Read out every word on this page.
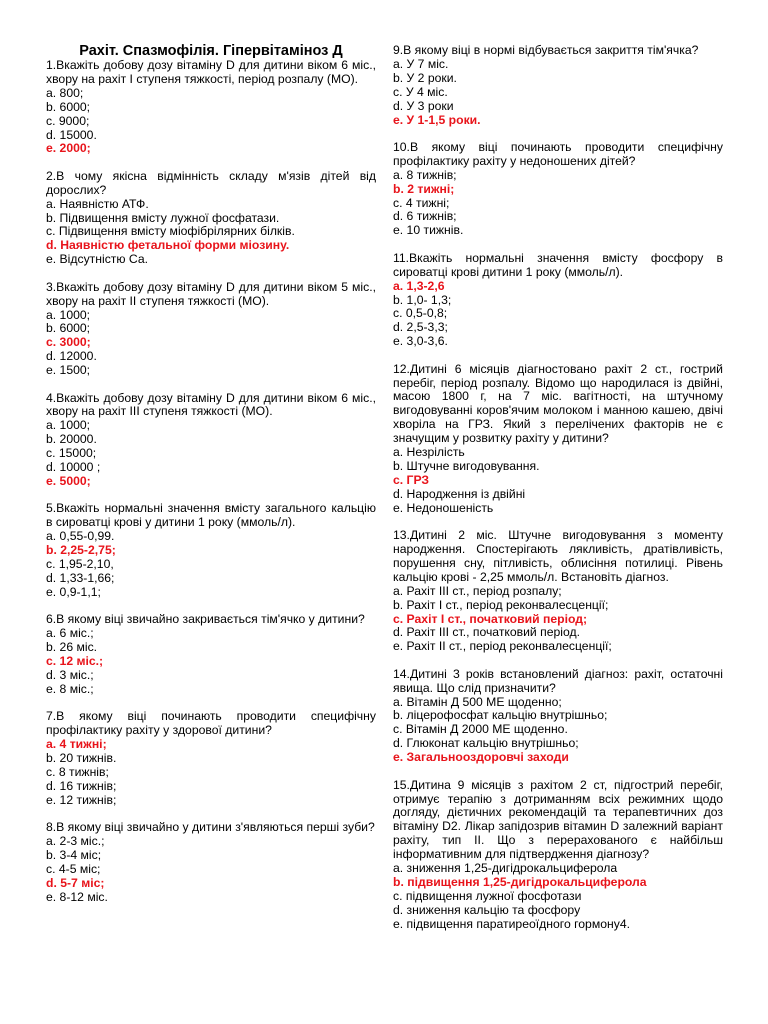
Рахіт. Спазмофілія. Гіпервітаміноз Д
1.Вкажіть добову дозу вітаміну D для дитини віком 6 міс., хвору на рахіт I ступеня тяжкості, період розпалу (МО).
a. 800;
b. 6000;
c. 9000;
d. 15000.
e. 2000;
2.В чому якісна відмінність складу м'язів дітей від дорослих?
a. Наявністю АТФ.
b. Підвищення вмісту лужної фосфатази.
c. Підвищення вмісту міофібрілярних білків.
d. Наявністю фетальної форми міозину.
e. Відсутністю Са.
3.Вкажіть добову дозу вітаміну D для дитини віком 5 міс., хвору на рахіт II ступеня тяжкості (МО).
a. 1000;
b. 6000;
c. 3000;
d. 12000.
e. 1500;
4.Вкажіть добову дозу вітаміну D для дитини віком 6 міс., хвору на рахіт III ступеня тяжкості (МО).
a. 1000;
b. 20000.
c. 15000;
d. 10000 ;
e. 5000;
5.Вкажіть нормальні значення вмісту загального кальцію в сироватці крові у дитини 1 року (ммоль/л).
a. 0,55-0,99.
b. 2,25-2,75;
c. 1,95-2,10,
d. 1,33-1,66;
e. 0,9-1,1;
6.В якому віці звичайно закривається тім'ячко у дитини?
a. 6 міс.;
b. 26 міс.
c. 12 міс.;
d. 3 міс.;
e. 8 міс.;
7.В якому віці починають проводити специфічну профілактику рахіту у здорової дитини?
a. 4 тижні;
b. 20 тижнів.
c. 8 тижнів;
d. 16 тижнів;
e. 12 тижнів;
8.В якому віці звичайно у дитини з'являються перші зуби?
a. 2-3 міс.;
b. 3-4 міс;
c. 4-5 міс;
d. 5-7 міс;
e. 8-12 міс.
9.В якому віці в нормі відбувається закриття тім'ячка?
a. У 7 міс.
b. У 2 роки.
c. У 4 міс.
d. У 3 роки
e. У 1-1,5 роки.
10.В якому віці починають проводити специфічну профілактику рахіту у недоношених дітей?
a. 8 тижнів;
b. 2 тижні;
c. 4 тижні;
d. 6 тижнів;
e. 10 тижнів.
11.Вкажіть нормальні значення вмісту фосфору в сироватці крові дитини 1 року (ммоль/л).
a. 1,3-2,6
b. 1,0- 1,3;
c. 0,5-0,8;
d. 2,5-3,3;
e. 3,0-3,6.
12.Дитині 6 місяців діагностовано рахіт 2 ст., гострий перебіг, період розпалу. Відомо що народилася із двійні, масою 1800 г, на 7 міс. вагітності, на штучному вигодовуванні коров'ячим молоком і манною кашею, двічі хворіла на ГРЗ. Який з перелічених факторів не є значущим у розвитку рахіту у дитини?
a. Незрілість
b. Штучне вигодовування.
c. ГРЗ
d. Народження із двійні
e. Недоношеність
13.Дитині 2 міс. Штучне вигодовування з моменту народження. Спостерігають лякливість, дратівливість, порушення сну, пітливість, облисіння потилиці. Рівень кальцію крові - 2,25 ммоль/л. Встановіть діагноз.
a. Рахіт III ст., період розпалу;
b. Рахіт I ст., період реконвалесценції;
c. Рахіт I ст., початковий період;
d. Рахіт III ст., початковий період.
e. Рахіт II ст., період реконвалесценції;
14.Дитині 3 років встановлений діагноз: рахіт, остаточні явища. Що слід призначити?
a. Вітамін Д 500 МЕ щоденно;
b. ліцерофосфат кальцію внутрішньо;
c. Вітамін Д 2000 МЕ щоденно.
d. Глюконат кальцію внутрішньо;
e. Загальнооздоровчі заходи
15.Дитина 9 місяців з рахітом 2 ст, підгострий перебіг, отримує терапію з дотриманням всіх режимних щодо догляду, дієтичних рекомендацій та терапевтичних доз вітаміну D2. Лікар запідозрив вітамин D залежний варіант рахіту, тип II. Що з перерахованого є найбільш інформативним для підтвердження діагнозу?
a. зниження 1,25-дигідрокальциферола
b. підвищення 1,25-дигідрокальциферола
c. підвищення лужної фосфотази
d. зниження кальцію та фосфору
e. підвищення паратиреоїдного гормону4.
